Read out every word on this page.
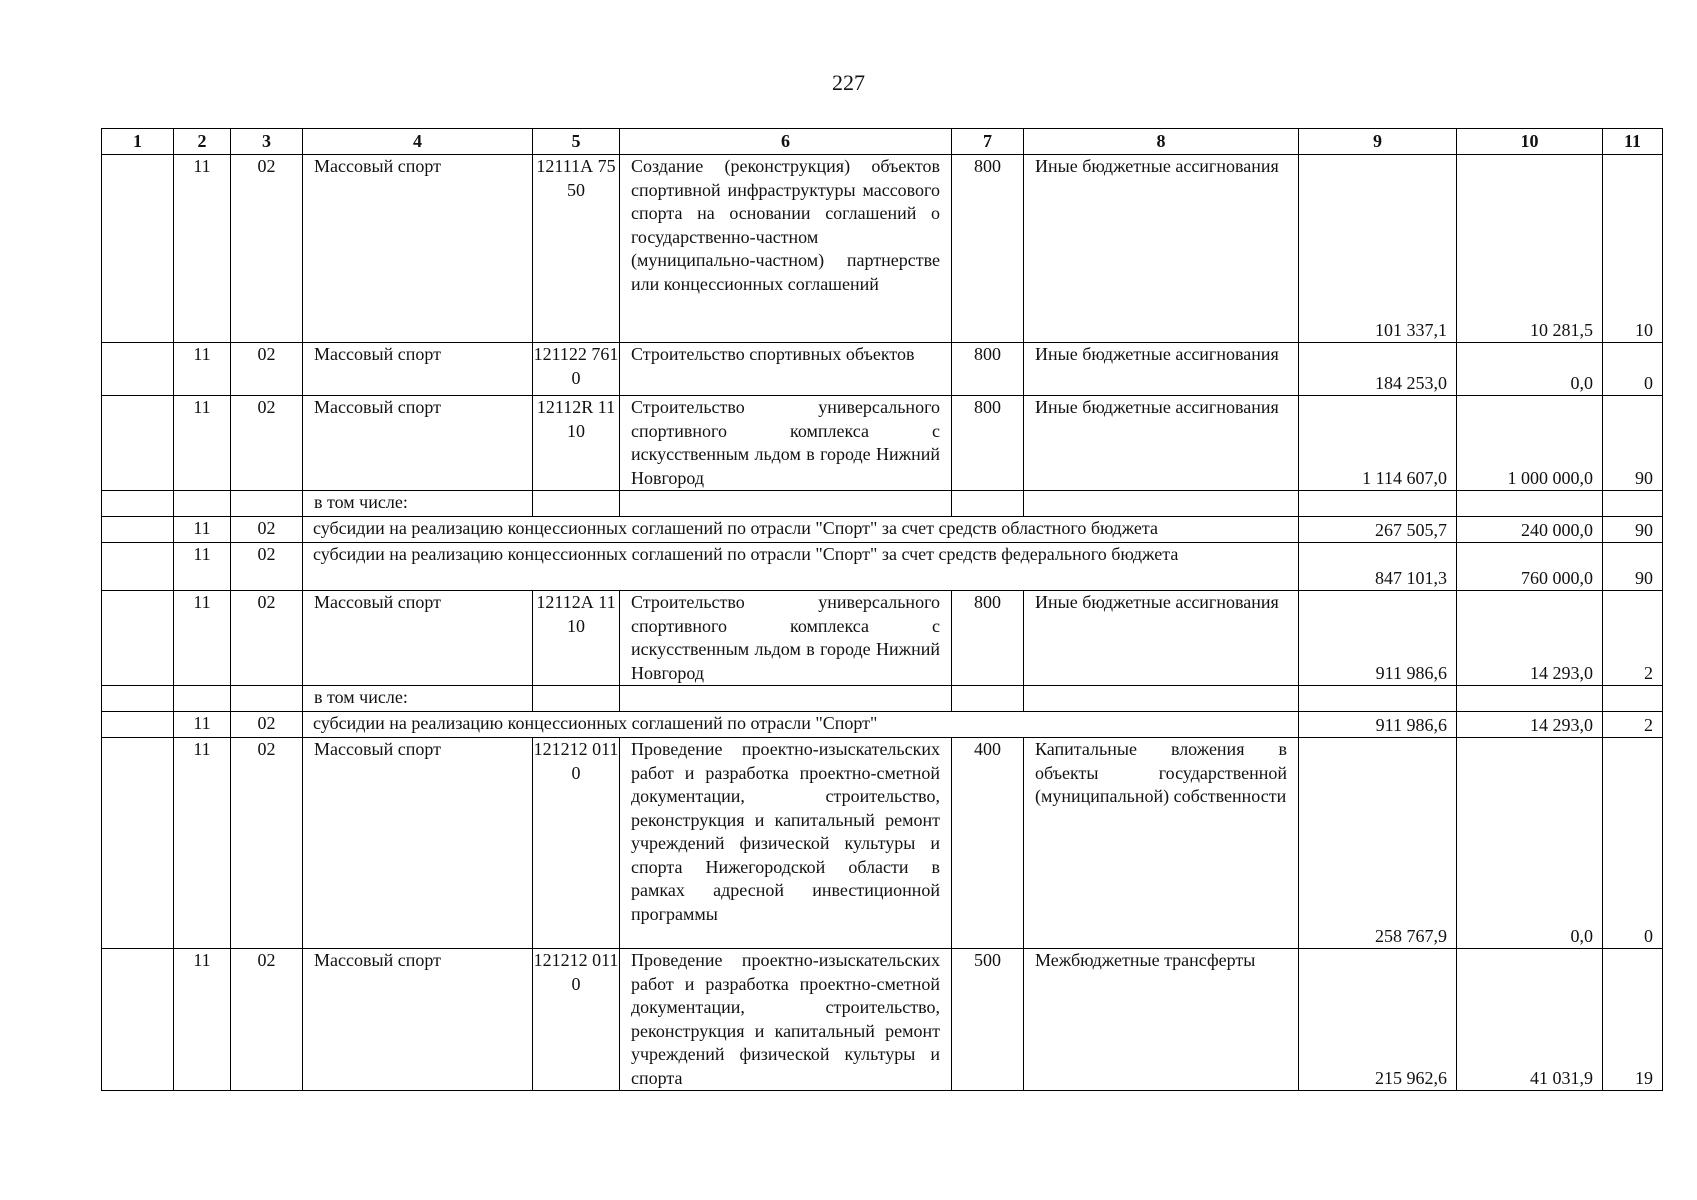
227
1	2	3	4	5	6	7	8	9	10	11
	11	02	Массовый спорт	12111А 7550	Создание (реконструкция) объектов спортивной инфраструктуры массового спорта на основании соглашений о государственно-частном (муниципально-частном) партнерстве или концессионных соглашений	800	Иные бюджетные ассигнования	101 337,1	10 281,5	10
	11	02	Массовый спорт	121122 7610	Строительство спортивных объектов	800	Иные бюджетные ассигнования	184 253,0	0,0	0
	11	02	Массовый спорт	12112R 1110	Строительство универсального спортивного комплекса с искусственным льдом в городе Нижний Новгород	800	Иные бюджетные ассигнования	1 114 607,0	1 000 000,0	90
			в том числе:							
	11	02	субсидии на реализацию концессионных соглашений по отрасли "Спорт" за счет средств областного бюджета					267 505,7	240 000,0	90
	11	02	субсидии на реализацию концессионных соглашений по отрасли "Спорт" за счет средств федерального бюджета					847 101,3	760 000,0	90
	11	02	Массовый спорт	12112А 1110	Строительство универсального спортивного комплекса с искусственным льдом в городе Нижний Новгород	800	Иные бюджетные ассигнования	911 986,6	14 293,0	2
			в том числе:							
	11	02	субсидии на реализацию концессионных соглашений по отрасли "Спорт"					911 986,6	14 293,0	2
	11	02	Массовый спорт	121212 0110	Проведение проектно-изыскательских работ и разработка проектно-сметной документации, строительство, реконструкция и капитальный ремонт учреждений физической культуры и спорта Нижегородской области в рамках адресной инвестиционной программы	400	Капитальные вложения в объекты государственной (муниципальной) собственности	258 767,9	0,0	0
	11	02	Массовый спорт	121212 0110	Проведение проектно-изыскательских работ и разработка проектно-сметной документации, строительство, реконструкция и капитальный ремонт учреждений физической культуры и спорта	500	Межбюджетные трансферты	215 962,6	41 031,9	19
